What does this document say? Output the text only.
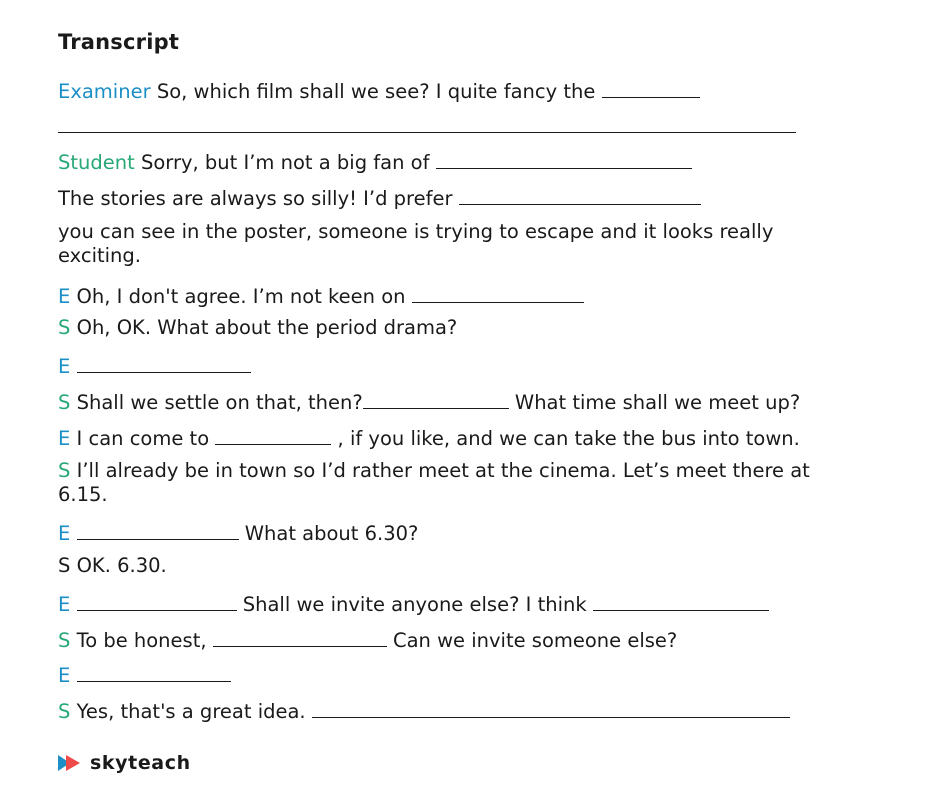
Transcript
Examiner So, which film shall we see? I quite fancy the
Student Sorry, but I’m not a big fan of
The stories are always so silly! I’d prefer
you can see in the poster, someone is trying to escape and it looks really exciting.
E Oh, I don't agree. I’m not keen on
S Oh, OK. What about the period drama?
E
S Shall we settle on that, then?	What time shall we meet up?
E I can come to	, if you like, and we can take the bus into town.
S I’ll already be in town so I’d rather meet at the cinema. Let’s meet there at 6.15.
E	What about 6.30?
S OK. 6.30.
E	Shall we invite anyone else? I think
S To be honest,	Can we invite someone else?
E
S Yes, that's a great idea.
skyteach
